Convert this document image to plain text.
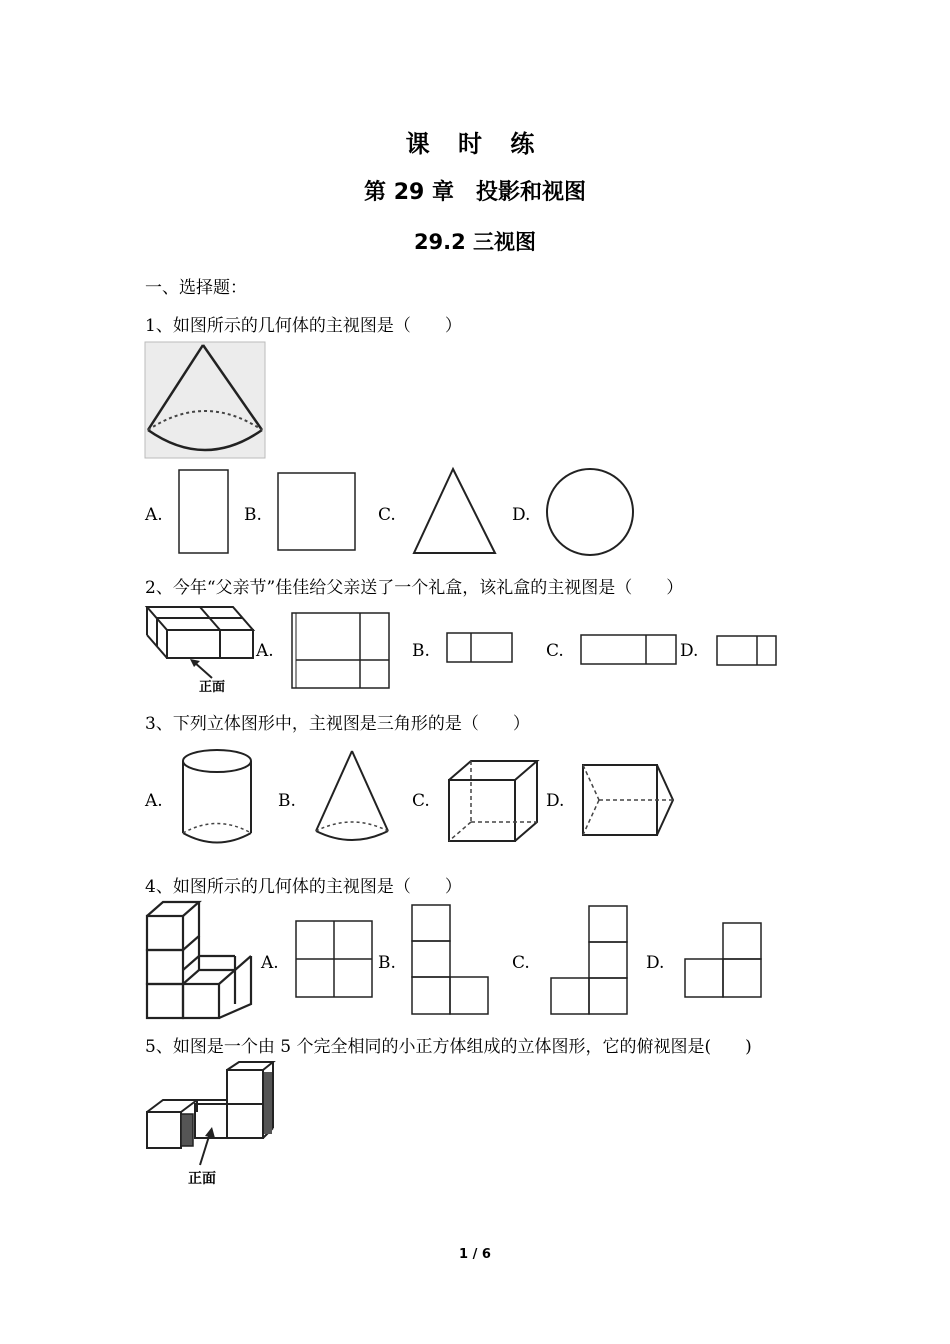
课 时 练
第 29 章　投影和视图
29.2 三视图
一、选择题：
1、如图所示的几何体的主视图是（　　）
A.	B.	C.	D.
2、今年“父亲节”佳佳给父亲送了一个礼盒，该礼盒的主视图是（　　）
正面
A.	B.	C.	D.
3、下列立体图形中，主视图是三角形的是（　　）
A.	B.	C.	D.
4、如图所示的几何体的主视图是（　　）
A.	B.	C.	D.
5、如图是一个由 5 个完全相同的小正方体组成的立体图形，它的俯视图是(　　)
正面
1 / 6
